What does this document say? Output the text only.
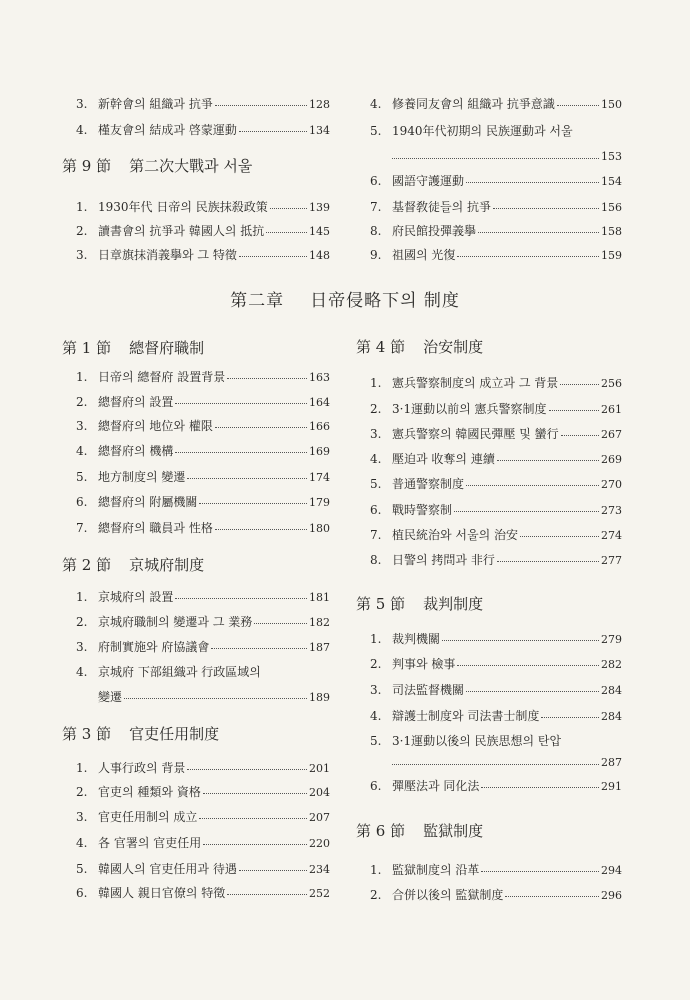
3. 新幹會의 組織과 抗爭	128
4. 槿友會의 結成과 啓蒙運動	134
第 9 節 第二次大戰과 서울
1. 1930年代 日帝의 民族抹殺政策	139
2. 讀書會의 抗爭과 韓國人의 抵抗	145
3. 日章旗抹消義擧와 그 特徵	148
4. 修養同友會의 組織과 抗爭意識	150
5. 1940年代初期의 民族運動과 서울
153
6. 國語守護運動	154
7. 基督敎徒들의 抗爭	156
8. 府民館投彈義擧	158
9. 祖國의 光復	159
第二章 日帝侵略下의 制度
第 1 節 總督府職制
1. 日帝의 總督府 設置背景	163
2. 總督府의 設置	164
3. 總督府의 地位와 權限	166
4. 總督府의 機構	169
5. 地方制度의 變遷	174
6. 總督府의 附屬機關	179
7. 總督府의 職員과 性格	180
第 2 節 京城府制度
1. 京城府의 設置	181
2. 京城府職制의 變遷과 그 業務	182
3. 府制實施와 府協議會	187
4. 京城府 下部組織과 行政區域의
變遷	189
第 3 節 官吏任用制度
1. 人事行政의 背景	201
2. 官吏의 種類와 資格	204
3. 官吏任用制의 成立	207
4. 各 官署의 官吏任用	220
5. 韓國人의 官吏任用과 待遇	234
6. 韓國人 親日官僚의 特徵	252
第 4 節 治安制度
1. 憲兵警察制度의 成立과 그 背景	256
2. 3·1運動以前의 憲兵警察制度	261
3. 憲兵警察의 韓國民彈壓 및 蠻行	267
4. 壓迫과 收奪의 連續	269
5. 普通警察制度	270
6. 戰時警察制	273
7. 植民統治와 서울의 治安	274
8. 日警의 拷問과 非行	277
第 5 節 裁判制度
1. 裁判機關	279
2. 判事와 檢事	282
3. 司法監督機關	284
4. 辯護士制度와 司法書士制度	284
5. 3·1運動以後의 民族思想의 탄압
287
6. 彈壓法과 同化法	291
第 6 節 監獄制度
1. 監獄制度의 沿革	294
2. 合併以後의 監獄制度	296
